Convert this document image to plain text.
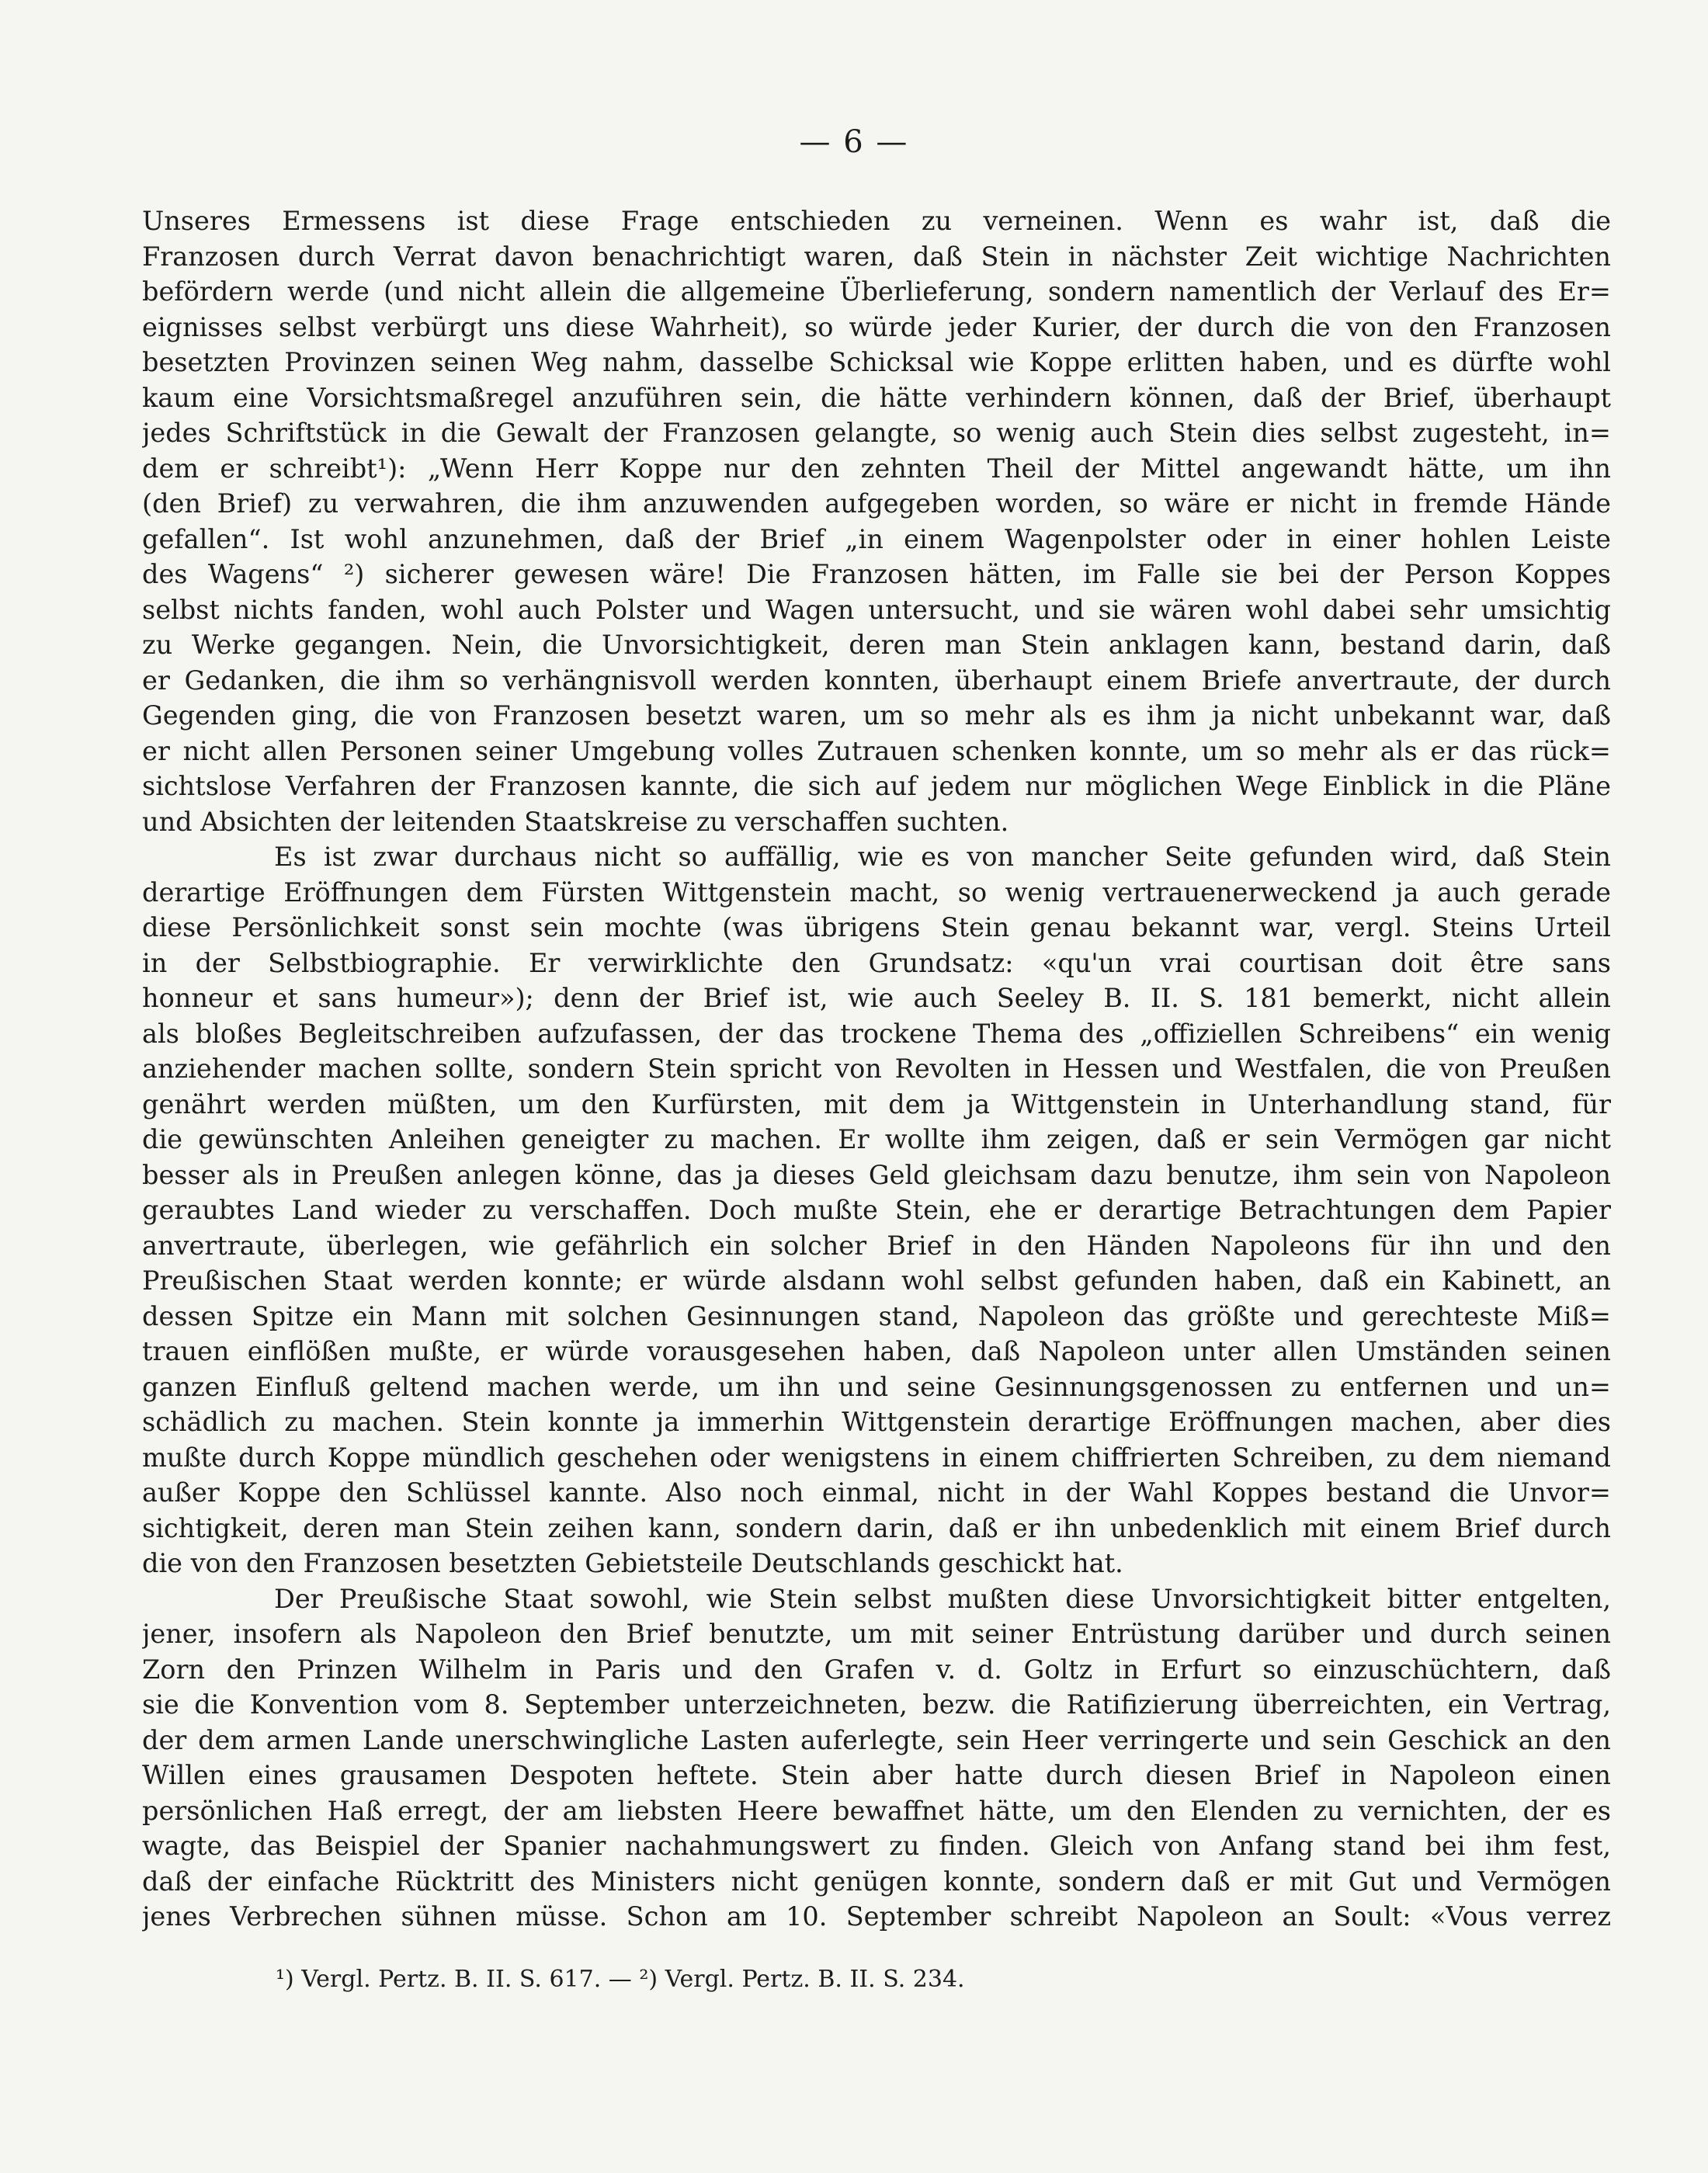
— 6 —
Unseres Ermessens ist diese Frage entschieden zu verneinen. Wenn es wahr ist, daß die
Franzosen durch Verrat davon benachrichtigt waren, daß Stein in nächster Zeit wichtige Nachrichten
befördern werde (und nicht allein die allgemeine Überlieferung, sondern namentlich der Verlauf des Er=
eignisses selbst verbürgt uns diese Wahrheit), so würde jeder Kurier, der durch die von den Franzosen
besetzten Provinzen seinen Weg nahm, dasselbe Schicksal wie Koppe erlitten haben, und es dürfte wohl
kaum eine Vorsichtsmaßregel anzuführen sein, die hätte verhindern können, daß der Brief, überhaupt
jedes Schriftstück in die Gewalt der Franzosen gelangte, so wenig auch Stein dies selbst zugesteht, in=
dem er schreibt¹): „Wenn Herr Koppe nur den zehnten Theil der Mittel angewandt hätte, um ihn
(den Brief) zu verwahren, die ihm anzuwenden aufgegeben worden, so wäre er nicht in fremde Hände
gefallen“. Ist wohl anzunehmen, daß der Brief „in einem Wagenpolster oder in einer hohlen Leiste
des Wagens“ ²) sicherer gewesen wäre! Die Franzosen hätten, im Falle sie bei der Person Koppes
selbst nichts fanden, wohl auch Polster und Wagen untersucht, und sie wären wohl dabei sehr umsichtig
zu Werke gegangen. Nein, die Unvorsichtigkeit, deren man Stein anklagen kann, bestand darin, daß
er Gedanken, die ihm so verhängnisvoll werden konnten, überhaupt einem Briefe anvertraute, der durch
Gegenden ging, die von Franzosen besetzt waren, um so mehr als es ihm ja nicht unbekannt war, daß
er nicht allen Personen seiner Umgebung volles Zutrauen schenken konnte, um so mehr als er das rück=
sichtslose Verfahren der Franzosen kannte, die sich auf jedem nur möglichen Wege Einblick in die Pläne
und Absichten der leitenden Staatskreise zu verschaffen suchten.
Es ist zwar durchaus nicht so auffällig, wie es von mancher Seite gefunden wird, daß Stein
derartige Eröffnungen dem Fürsten Wittgenstein macht, so wenig vertrauenerweckend ja auch gerade
diese Persönlichkeit sonst sein mochte (was übrigens Stein genau bekannt war, vergl. Steins Urteil
in der Selbstbiographie. Er verwirklichte den Grundsatz: «qu'un vrai courtisan doit être sans
honneur et sans humeur»); denn der Brief ist, wie auch Seeley B. II. S. 181 bemerkt, nicht allein
als bloßes Begleitschreiben aufzufassen, der das trockene Thema des „offiziellen Schreibens“ ein wenig
anziehender machen sollte, sondern Stein spricht von Revolten in Hessen und Westfalen, die von Preußen
genährt werden müßten, um den Kurfürsten, mit dem ja Wittgenstein in Unterhandlung stand, für
die gewünschten Anleihen geneigter zu machen. Er wollte ihm zeigen, daß er sein Vermögen gar nicht
besser als in Preußen anlegen könne, das ja dieses Geld gleichsam dazu benutze, ihm sein von Napoleon
geraubtes Land wieder zu verschaffen. Doch mußte Stein, ehe er derartige Betrachtungen dem Papier
anvertraute, überlegen, wie gefährlich ein solcher Brief in den Händen Napoleons für ihn und den
Preußischen Staat werden konnte; er würde alsdann wohl selbst gefunden haben, daß ein Kabinett, an
dessen Spitze ein Mann mit solchen Gesinnungen stand, Napoleon das größte und gerechteste Miß=
trauen einflößen mußte, er würde vorausgesehen haben, daß Napoleon unter allen Umständen seinen
ganzen Einfluß geltend machen werde, um ihn und seine Gesinnungsgenossen zu entfernen und un=
schädlich zu machen. Stein konnte ja immerhin Wittgenstein derartige Eröffnungen machen, aber dies
mußte durch Koppe mündlich geschehen oder wenigstens in einem chiffrierten Schreiben, zu dem niemand
außer Koppe den Schlüssel kannte. Also noch einmal, nicht in der Wahl Koppes bestand die Unvor=
sichtigkeit, deren man Stein zeihen kann, sondern darin, daß er ihn unbedenklich mit einem Brief durch
die von den Franzosen besetzten Gebietsteile Deutschlands geschickt hat.
Der Preußische Staat sowohl, wie Stein selbst mußten diese Unvorsichtigkeit bitter entgelten,
jener, insofern als Napoleon den Brief benutzte, um mit seiner Entrüstung darüber und durch seinen
Zorn den Prinzen Wilhelm in Paris und den Grafen v. d. Goltz in Erfurt so einzuschüchtern, daß
sie die Konvention vom 8. September unterzeichneten, bezw. die Ratifizierung überreichten, ein Vertrag,
der dem armen Lande unerschwingliche Lasten auferlegte, sein Heer verringerte und sein Geschick an den
Willen eines grausamen Despoten heftete. Stein aber hatte durch diesen Brief in Napoleon einen
persönlichen Haß erregt, der am liebsten Heere bewaffnet hätte, um den Elenden zu vernichten, der es
wagte, das Beispiel der Spanier nachahmungswert zu finden. Gleich von Anfang stand bei ihm fest,
daß der einfache Rücktritt des Ministers nicht genügen konnte, sondern daß er mit Gut und Vermögen
jenes Verbrechen sühnen müsse. Schon am 10. September schreibt Napoleon an Soult: «Vous verrez
¹) Vergl. Pertz. B. II. S. 617. — ²) Vergl. Pertz. B. II. S. 234.
